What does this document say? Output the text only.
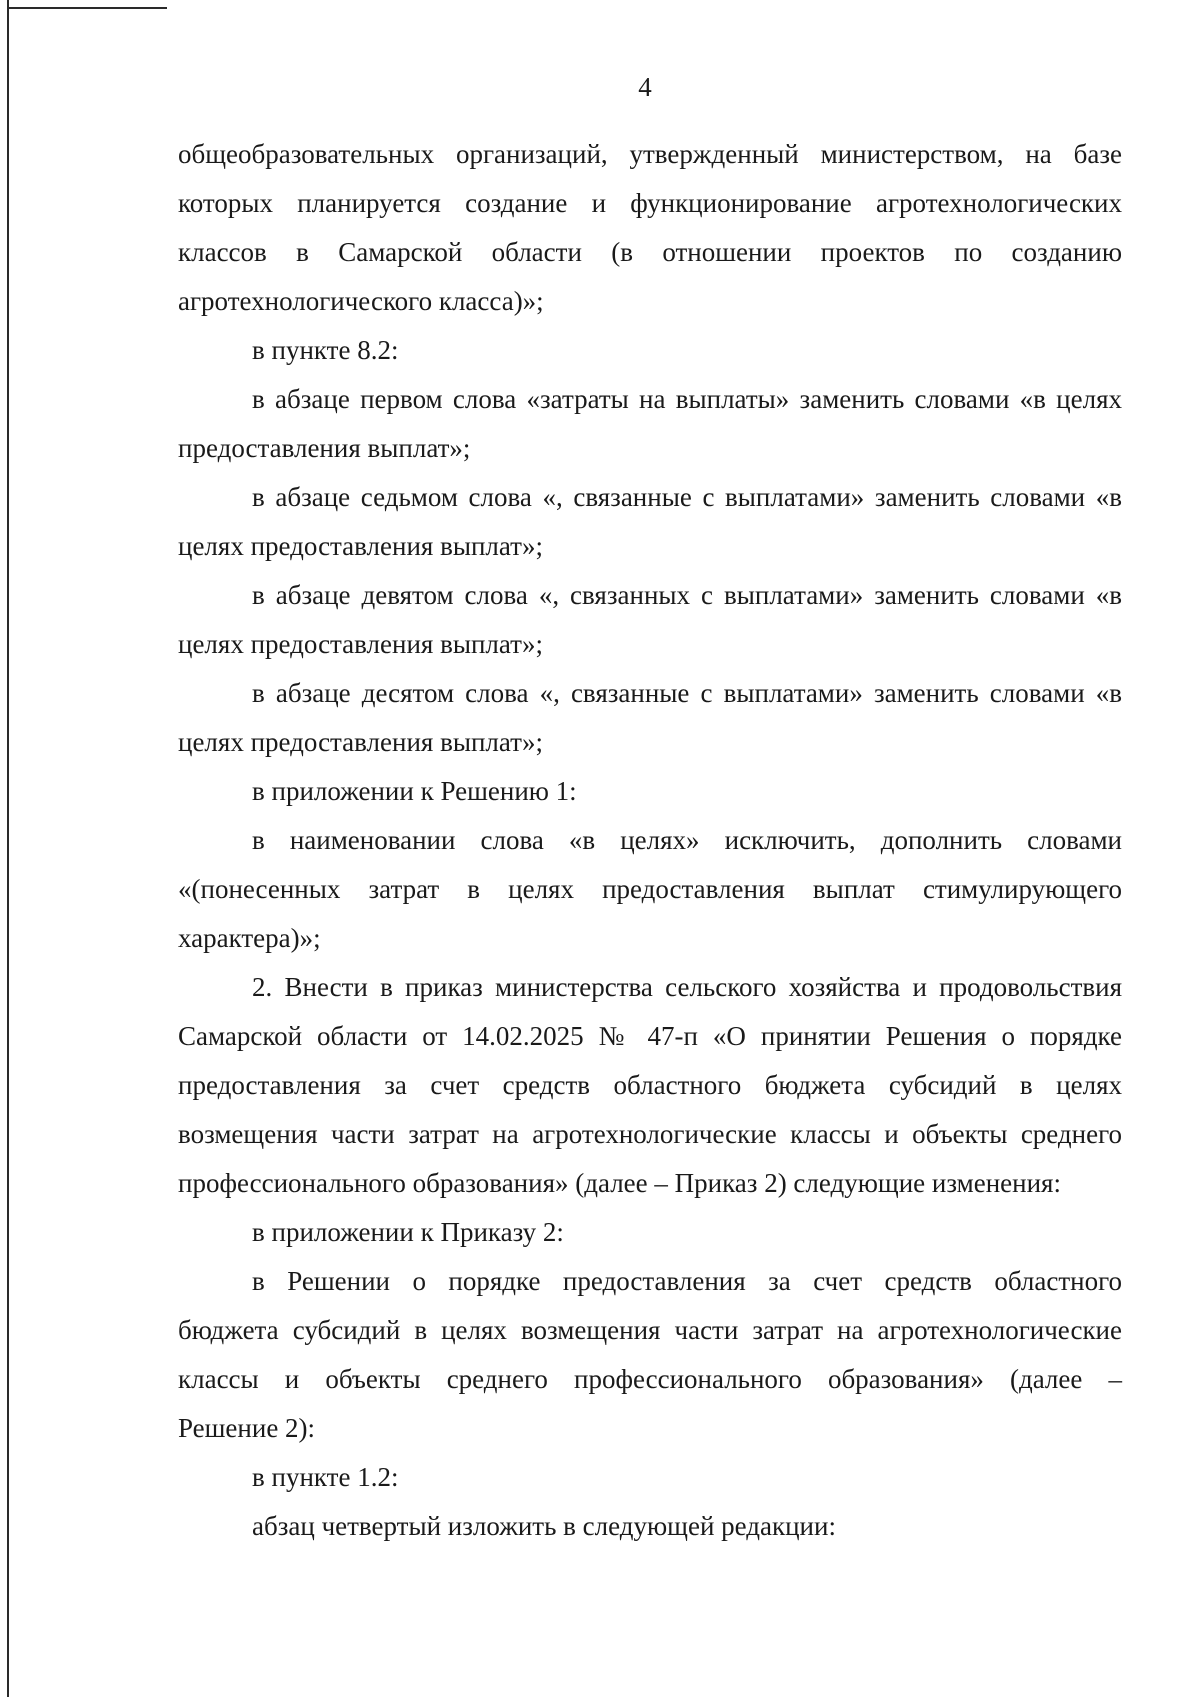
4
общеобразовательных организаций, утвержденный министерством, на базе
которых планируется создание и функционирование агротехнологических
классов в Самарской области (в отношении проектов по созданию
агротехнологического класса)»;
в пункте 8.2:
в абзаце первом слова «затраты на выплаты» заменить словами «в целях
предоставления выплат»;
в абзаце седьмом слова «, связанные с выплатами» заменить словами «в
целях предоставления выплат»;
в абзаце девятом слова «, связанных с выплатами» заменить словами «в
целях предоставления выплат»;
в абзаце десятом слова «, связанные с выплатами» заменить словами «в
целях предоставления выплат»;
в приложении к Решению 1:
в наименовании слова «в целях» исключить, дополнить словами
«(понесенных затрат в целях предоставления выплат стимулирующего
характера)»;
2. Внести в приказ министерства сельского хозяйства и продовольствия
Самарской области от 14.02.2025 № 47-п «О принятии Решения о порядке
предоставления за счет средств областного бюджета субсидий в целях
возмещения части затрат на агротехнологические классы и объекты среднего
профессионального образования» (далее – Приказ 2) следующие изменения:
в приложении к Приказу 2:
в Решении о порядке предоставления за счет средств областного
бюджета субсидий в целях возмещения части затрат на агротехнологические
классы и объекты среднего профессионального образования» (далее –
Решение 2):
в пункте 1.2:
абзац четвертый изложить в следующей редакции:
